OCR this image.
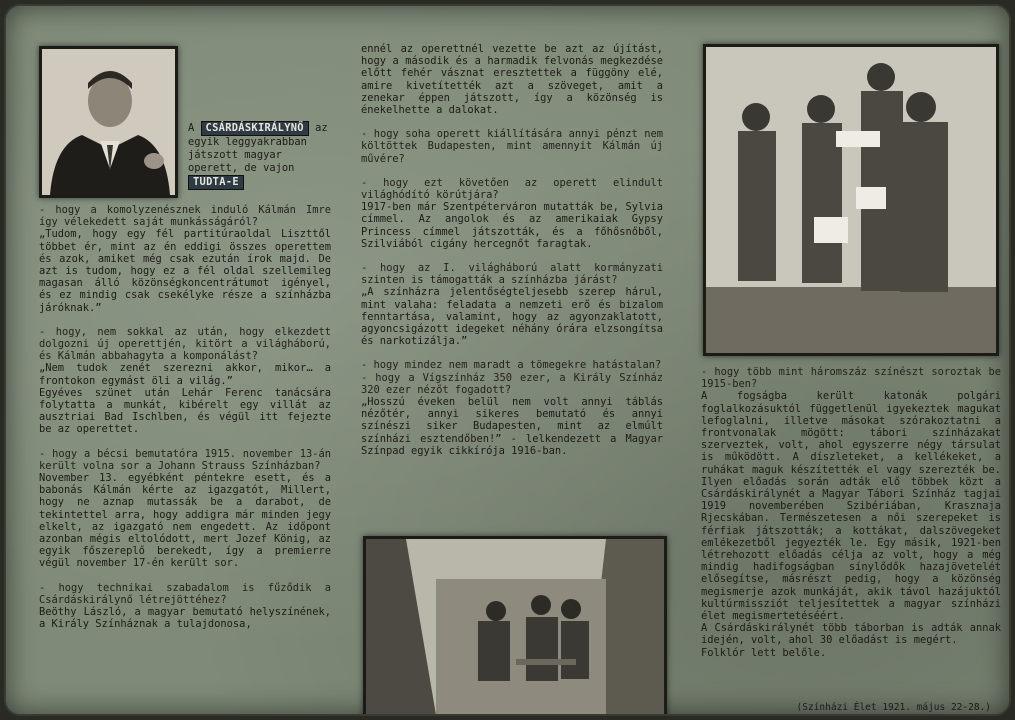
A CSÁRDÁSKIRÁLYNŐ az egyik leggyakrabban játszott magyar operett, de vajon TUDTA-E

- hogy a komolyzenésznek induló Kálmán Imre így vélekedett saját munkásságáról?
„Tudom, hogy egy fél partitúraoldal Liszttől többet ér, mint az én eddigi összes operettem és azok, amiket még csak ezután írok majd. De azt is tudom, hogy ez a fél oldal szellemileg magasan álló közönségkoncentrátumot igényel, és ez mindig csak csekélyke része a színházba járóknak.”

- hogy, nem sokkal az után, hogy elkezdett dolgozni új operettjén, kitört a világháború, és Kálmán abbahagyta a komponálást?
„Nem tudok zenét szerezni akkor, mikor… a frontokon egymást öli a világ.”
Egyéves szünet után Lehár Ferenc tanácsára folytatta a munkát, kibérelt egy villát az ausztriai Bad Ischlben, és végül itt fejezte be az operettet.

- hogy a bécsi bemutatóra 1915. november 13-án került volna sor a Johann Strauss Színházban?
November 13. egyébként péntekre esett, és a babonás Kálmán kérte az igazgatót, Millert, hogy ne aznap mutassák be a darabot, de tekintettel arra, hogy addigra már minden jegy elkelt, az igazgató nem engedett. Az időpont azonban mégis eltolódott, mert Jozef König, az egyik főszereplő berekedt, így a premierre végül november 17-én került sor.

- hogy technikai szabadalom is fűződik a Csárdáskirálynő létrejöttéhez?
Beöthy László, a magyar bemutató helyszínének, a Király Színháznak a tulajdonosa,

ennél az operettnél vezette be azt az újítást, hogy a második és a harmadik felvonás megkezdése előtt fehér vásznat eresztettek a függöny elé, amire kivetítették azt a szöveget, amit a zenekar éppen játszott, így a közönség is énekelhette a dalokat.

- hogy soha operett kiállítására annyi pénzt nem költöttek Budapesten, mint amennyit Kálmán új művére?

- hogy ezt követően az operett elindult világhódító körútjára?
1917-ben már Szentpéterváron mutatták be, Sylvia címmel. Az angolok és az amerikaiak Gypsy Princess címmel játszották, és a főhősnőből, Szilviából cigány hercegnőt faragtak.

- hogy az I. világháború alatt kormányzati szinten is támogatták a színházba járást?
„A színházra jelentőségteljesebb szerep hárul, mint valaha: feladata a nemzeti erő és bizalom fenntartása, valamint, hogy az agyonzaklatott, agyoncsigázott idegeket néhány órára elzsongítsa és narkotizálja.”

- hogy mindez nem maradt a tömegekre hatástalan?
- hogy a Vígszínház 350 ezer, a Király Színház 320 ezer nézőt fogadott?
„Hosszú éveken belül nem volt annyi táblás nézőtér, annyi sikeres bemutató és annyi színészi siker Budapesten, mint az elmúlt színházi esztendőben!” - lelkendezett a Magyar Színpad egyik cikkírója 1916-ban.

- hogy több mint háromszáz színészt soroztak be 1915-ben?
A fogságba került katonák polgári foglalkozásuktól függetlenül igyekeztek magukat lefoglalni, illetve másokat szórakoztatni a frontvonalak mögött: tábori színházakat szerveztek, volt, ahol egyszerre négy társulat is működött. A díszleteket, a kellékeket, a ruhákat maguk készítették el vagy szerezték be. Ilyen előadás során adták elő többek közt a Csárdáskirálynét a Magyar Tábori Színház tagjai 1919 novemberében Szibériában, Krasznaja Rjecskában. Természetesen a női szerepeket is férfiak játszották; a kottákat, dalszövegeket emlékezetből jegyezték le. Egy másik, 1921-ben létrehozott előadás célja az volt, hogy a még mindig hadifogságban sínylődők hazajövetelét elősegítse, másrészt pedig, hogy a közönség megismerje azok munkáját, akik távol hazájuktól kultúrmissziót teljesítettek a magyar színházi élet megismertetéséért.
A Csárdáskirálynét több táborban is adták annak idején, volt, ahol 30 előadást is megért.
Folklór lett belőle.

(Színházi Élet 1921. május 22-28.)
